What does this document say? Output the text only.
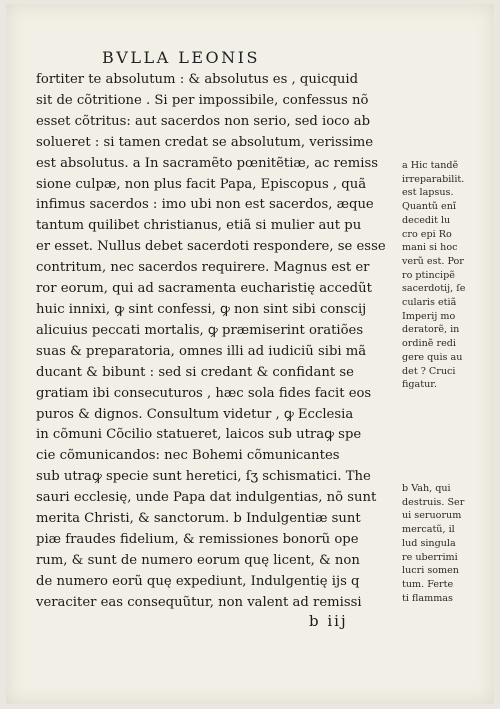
BVLLA LEONIS
fortiter te absolutum : & absolutus es , quicquid
sit de cõtritione . Si per impossibile, confessus nõ
esset cõtritus: aut sacerdos non serio, sed ioco ab
solueret : si tamen credat se absolutum, verissime
est absolutus. a In sacramẽto pœnitẽtiæ, ac remiss
sione culpæ, non plus facit Papa, Episcopus , quã
infimus sacerdos : imo ubi non est sacerdos, æque
tantum quilibet christianus, etiã si mulier aut pu
er esset. Nullus debet sacerdoti respondere, se esse
contritum, nec sacerdos requirere. Magnus est er
ror eorum, qui ad sacramenta eucharistię accedũt
huic innixi, ꝙ sint confessi, ꝙ non sint sibi conscij
alicuius peccati mortalis, ꝙ præmiserint oratiões
suas & preparatoria, omnes illi ad iudiciũ sibi mã
ducant & bibunt : sed si credant & confidant se
gratiam ibi consecuturos , hæc sola fides facit eos
puros & dignos. Consultum videtur , ꝙ Ecclesia
in cõmuni Cõcilio statueret, laicos sub utraꝙ spe
cie cõmunicandos: nec Bohemi cõmunicantes
sub utraꝙ specie sunt heretici, ſʒ schismatici. The
sauri ecclesię, unde Papa dat indulgentias, nõ sunt
merita Christi, & sanctorum. b Indulgentiæ sunt
piæ fraudes fidelium, & remissiones bonorũ ope
rum, & sunt de numero eorum quę licent, & non
de numero eorũ quę expediunt, Indulgentię ijs q
veraciter eas consequũtur, non valent ad remissi
a Hic tandẽ
irreparabilit.
est lapsus.
Quantũ enĩ
decedit lu
cro epi Ro
mani si hoc
verũ est. Por
ro ptincipẽ
sacerdotij, ſe
cularis etiã
Imperij mo
deratorẽ, in
ordinẽ redi
gere quis au
det ? Cruci
figatur.
b Vah, qui
destruis. Ser
ui seruorum
mercatũ, il
lud singula
re uberrimi
lucri somen
tum. Ferte
ti flammas
b iij
